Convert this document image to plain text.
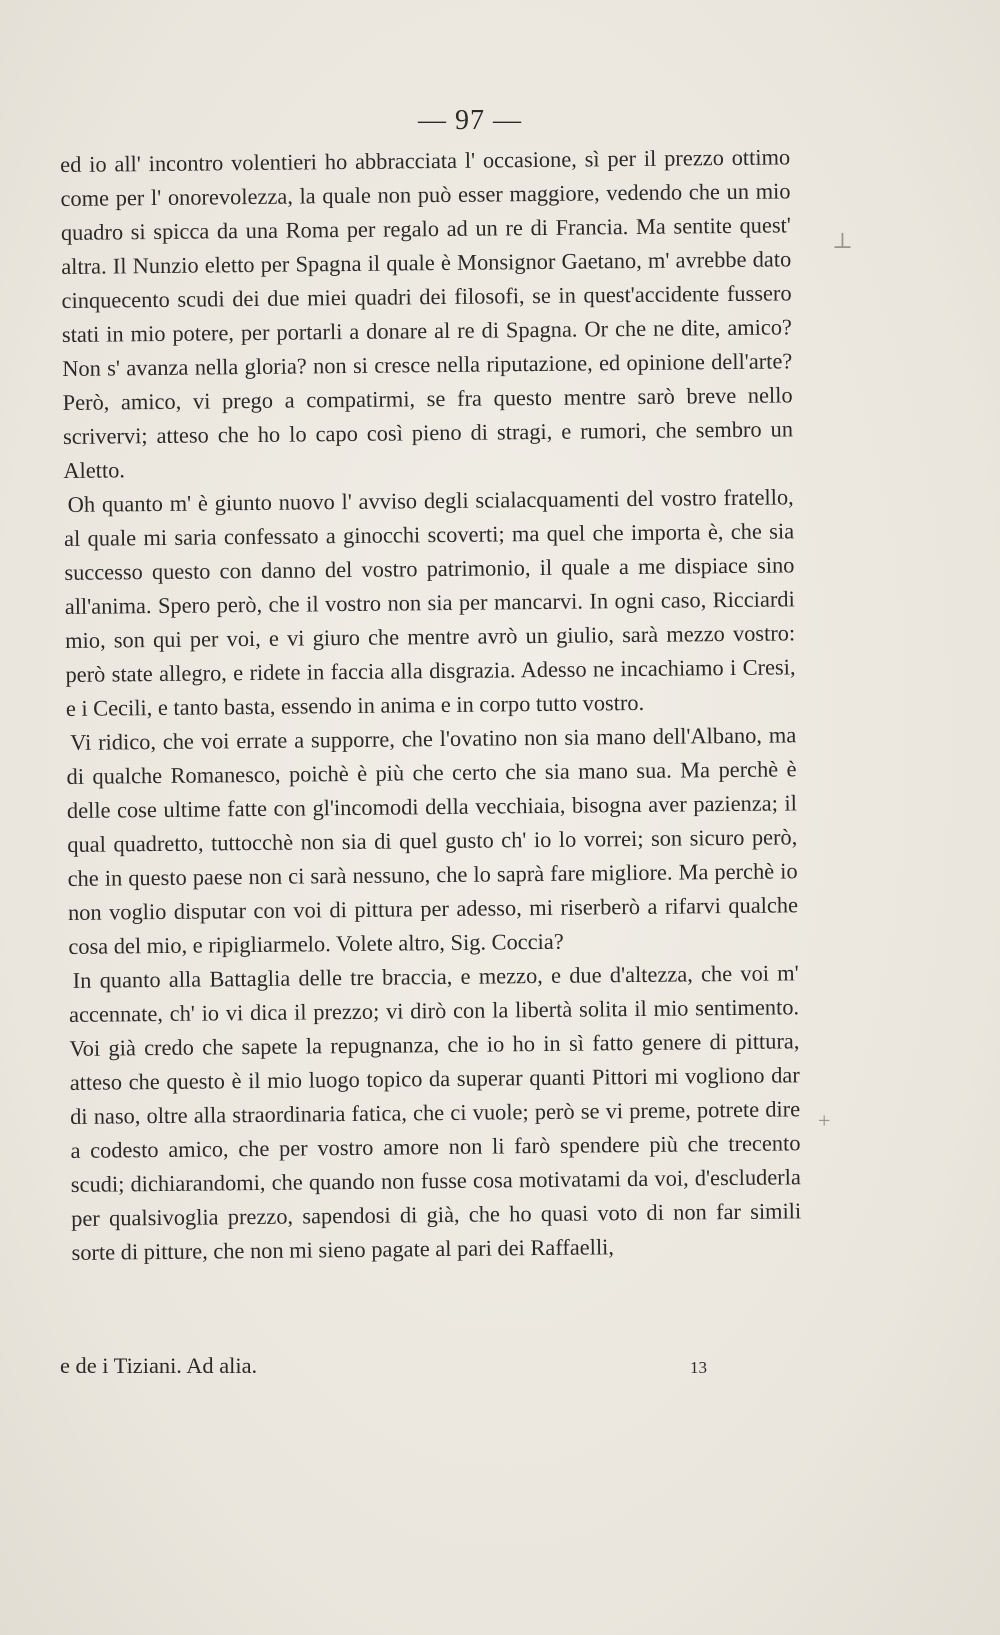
— 97 —

ed io all' incontro volentieri ho abbracciata l' occasione, sì per il prezzo ottimo come per l' onorevolezza, la quale non può esser maggiore, vedendo che un mio quadro si spicca da una Roma per regalo ad un re di Francia. Ma sentite quest' altra. Il Nunzio eletto per Spagna il quale è Monsignor Gaetano, m' avrebbe dato cinquecento scudi dei due miei quadri dei filosofi, se in quest'accidente fussero stati in mio potere, per portarli a donare al re di Spagna. Or che ne dite, amico? Non s' avanza nella gloria? non si cresce nella riputazione, ed opinione dell'arte? Però, amico, vi prego a compatirmi, se fra questo mentre sarò breve nello scrivervi; atteso che ho lo capo così pieno di stragi, e rumori, che sembro un Aletto.

Oh quanto m' è giunto nuovo l' avviso degli scialacquamenti del vostro fratello, al quale mi saria confessato a ginocchi scoverti; ma quel che importa è, che sia successo questo con danno del vostro patrimonio, il quale a me dispiace sino all'anima. Spero però, che il vostro non sia per mancarvi. In ogni caso, Ricciardi mio, son qui per voi, e vi giuro che mentre avrò un giulio, sarà mezzo vostro: però state allegro, e ridete in faccia alla disgrazia. Adesso ne incachiamo i Cresi, e i Cecili, e tanto basta, essendo in anima e in corpo tutto vostro.

Vi ridico, che voi errate a supporre, che l'ovatino non sia mano dell'Albano, ma di qualche Romanesco, poichè è più che certo che sia mano sua. Ma perchè è delle cose ultime fatte con gl'incomodi della vecchiaia, bisogna aver pazienza; il qual quadretto, tuttocchè non sia di quel gusto ch' io lo vorrei; son sicuro però, che in questo paese non ci sarà nessuno, che lo saprà fare migliore. Ma perchè io non voglio disputar con voi di pittura per adesso, mi riserberò a rifarvi qualche cosa del mio, e ripigliarmelo. Volete altro, Sig. Coccia?

In quanto alla Battaglia delle tre braccia, e mezzo, e due d'altezza, che voi m' accennate, ch' io vi dica il prezzo; vi dirò con la libertà solita il mio sentimento. Voi già credo che sapete la repugnanza, che io ho in sì fatto genere di pittura, atteso che questo è il mio luogo topico da superar quanti Pittori mi vogliono dar di naso, oltre alla straordinaria fatica, che ci vuole; però se vi preme, potrete dire a codesto amico, che per vostro amore non li farò spendere più che trecento scudi; dichiarandomi, che quando non fusse cosa motivatami da voi, d'escluderla per qualsivoglia prezzo, sapendosi di già, che ho quasi voto di non far simili sorte di pitture, che non mi sieno pagate al pari dei Raffaelli,

e de i Tiziani. Ad alia.	13
⊥
+
